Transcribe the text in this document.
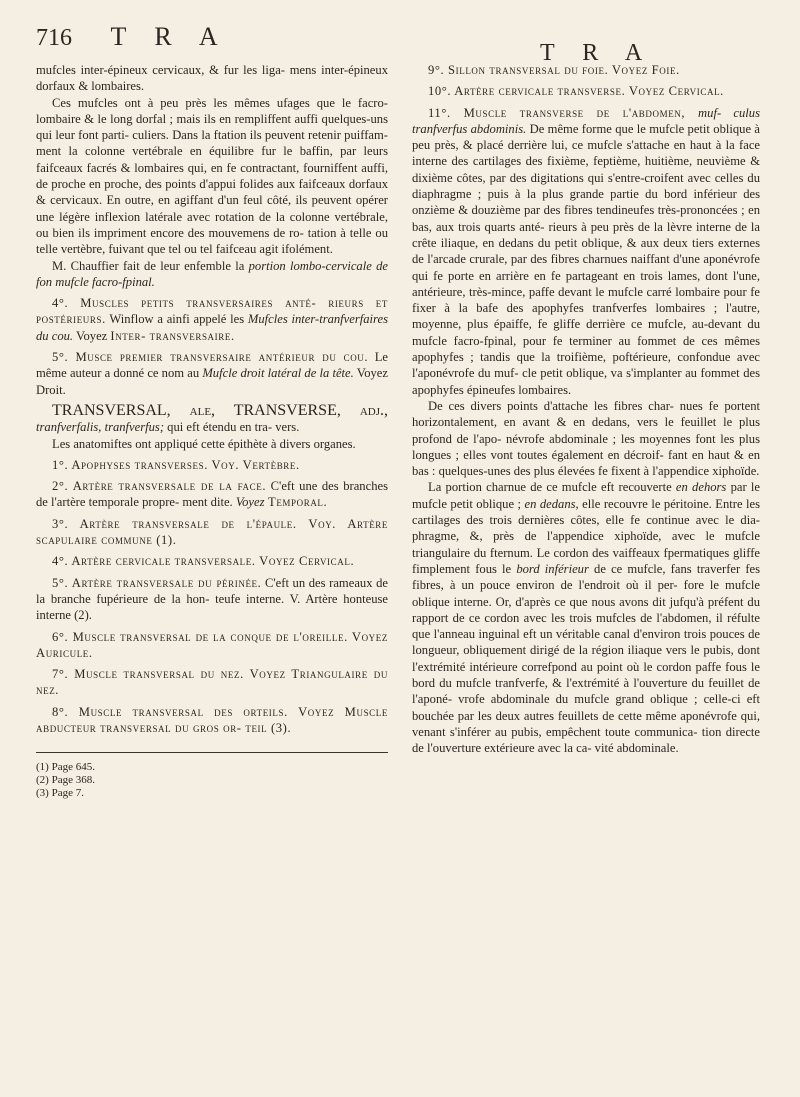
716 T R A
T R A

mufcles inter-épineux cervicaux, & fur les liga- mens inter-épineux dorfaux & lombaires.

Ces mufcles ont à peu près les mêmes ufages que le facro-lombaire & le long dorfal ; mais ils en rempliffent auffi quelques-uns qui leur font parti- culiers. Dans la ftation ils peuvent retenir puiffam- ment la colonne vertébrale en équilibre fur le baffin, par leurs faifceaux facrés & lombaires qui, en fe contractant, fourniffent auffi, de proche en proche, des points d'appui folides aux faifceaux dorfaux & cervicaux. En outre, en agiffant d'un feul côté, ils peuvent opérer une légère inflexion latérale avec rotation de la colonne vertébrale, ou bien ils impriment encore des mouvemens de ro- tation à telle ou telle vertèbre, fuivant que tel ou tel faifceau agit ifolément.

M. Chauffier fait de leur enfemble la portion lombo-cervicale de fon mufcle facro-fpinal.

4°. Muscles petits transversaires anté- rieurs et postérieurs. Winflow a ainfi appelé les Mufcles inter-tranfverfaires du cou. Voyez Inter- transversaire.

5°. Musce premier transversaire antérieur du cou. Le même auteur a donné ce nom au Mufcle droit latéral de la tête. Voyez Droit.

TRANSVERSAL, ale, TRANSVERSE, adj., tranfverfalis, tranfverfus; qui eft étendu en tra- vers.

Les anatomiftes ont appliqué cette épithète à divers organes.

1°. Apophyses transverses. Voy. Vertèbre.

2°. Artère transversale de la face. C'eft une des branches de l'artère temporale propre- ment dite. Voyez Temporal.

3°. Artère transversale de l'épaule. Voy. Artère scapulaire commune (1).

4°. Artère cervicale transversale. Voyez Cervical.

5°. Artère transversale du périnée. C'eft un des rameaux de la branche fupérieure de la hon- teufe interne. V. Artère honteuse interne (2).

6°. Muscle transversal de la conque de l'oreille. Voyez Auricule.

7°. Muscle transversal du nez. Voyez Triangulaire du nez.

8°. Muscle transversal des orteils. Voyez Muscle abducteur transversal du gros or- teil (3).

(1) Page 645.

(2) Page 368.

(3) Page 7.

9°. Sillon transversal du foie. Voyez Foie.

10°. Artère cervicale transverse. Voyez Cervical.

11°. Muscle transverse de l'abdomen, muf- culus tranfverfus abdominis. De même forme que le mufcle petit oblique à peu près, & placé derrière lui, ce mufcle s'attache en haut à la face interne des cartilages des fixième, feptième, huitième, neuvième & dixième côtes, par des digitations qui s'entre-croifent avec celles du diaphragme ; puis à la plus grande partie du bord inférieur des onzième & douzième par des fibres tendineufes très-prononcées ; en bas, aux trois quarts anté- rieurs à peu près de la lèvre interne de la crête iliaque, en dedans du petit oblique, & aux deux tiers externes de l'arcade crurale, par des fibres charnues naiffant d'une aponévrofe qui fe porte en arrière en fe partageant en trois lames, dont l'une, antérieure, très-mince, paffe devant le mufcle carré lombaire pour fe fixer à la bafe des apophyfes tranfverfes lombaires ; l'autre, moyenne, plus épaiffe, fe gliffe derrière ce mufcle, au-devant du mufcle facro-fpinal, pour fe terminer au fommet de ces mêmes apophyfes ; tandis que la troifième, poftérieure, confondue avec l'aponévrofe du muf- cle petit oblique, va s'implanter au fommet des apophyfes épineufes lombaires.

De ces divers points d'attache les fibres char- nues fe portent horizontalement, en avant & en dedans, vers le feuillet le plus profond de l'apo- névrofe abdominale ; les moyennes font les plus longues ; elles vont toutes également en décroif- fant en haut & en bas : quelques-unes des plus élevées fe fixent à l'appendice xiphoïde.

La portion charnue de ce mufcle eft recouverte en dehors par le mufcle petit oblique ; en dedans, elle recouvre le péritoine. Entre les cartilages des trois dernières côtes, elle fe continue avec le dia- phragme, &, près de l'appendice xiphoïde, avec le mufcle triangulaire du fternum. Le cordon des vaiffeaux fpermatiques gliffe fimplement fous le bord inférieur de ce mufcle, fans traverfer fes fibres, à un pouce environ de l'endroit où il per- fore le mufcle oblique interne. Or, d'après ce que nous avons dit jufqu'à préfent du rapport de ce cordon avec les trois mufcles de l'abdomen, il réfulte que l'anneau inguinal eft un véritable canal d'environ trois pouces de longueur, obliquement dirigé de la région iliaque vers le pubis, dont l'extrémité intérieure correfpond au point où le cordon paffe fous le bord du mufcle tranfverfe, & l'extrémité à l'ouverture du feuillet de l'aponé- vrofe abdominale du mufcle grand oblique ; celle-ci eft bouchée par les deux autres feuillets de cette même aponévrofe qui, venant s'inférer au pubis, empêchent toute communica- tion directe de l'ouverture extérieure avec la ca- vité abdominale.
